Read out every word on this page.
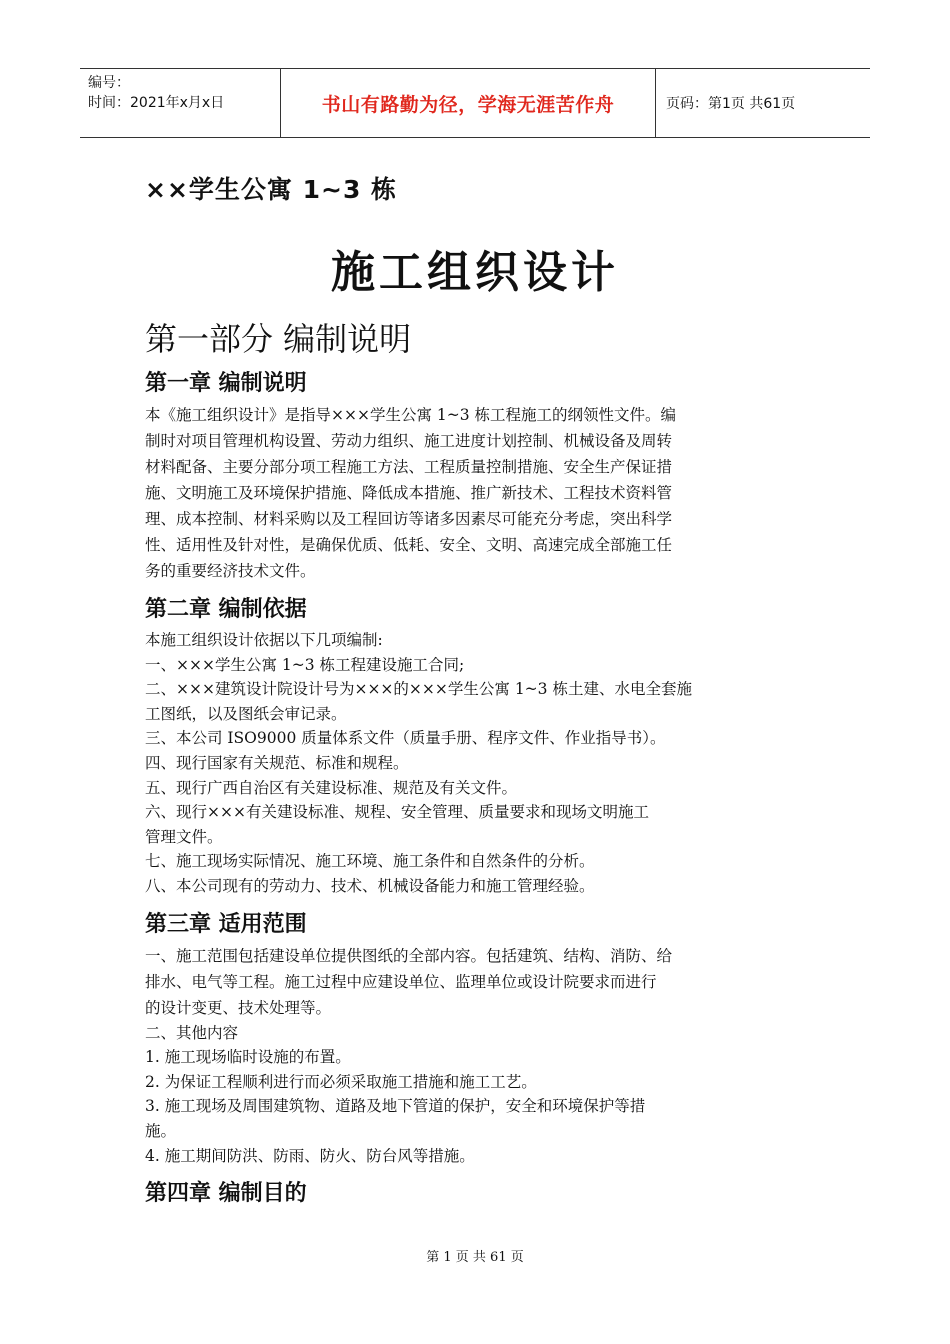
编号：
时间：2021年x月x日	书山有路勤为径，学海无涯苦作舟	页码：第1页 共61页
××学生公寓 1~3 栋
施工组织设计
第一部分 编制说明
第一章 编制说明

本《施工组织设计》是指导×××学生公寓 1~3 栋工程施工的纲领性文件。编

制时对项目管理机构设置、劳动力组织、施工进度计划控制、机械设备及周转

材料配备、主要分部分项工程施工方法、工程质量控制措施、安全生产保证措

施、文明施工及环境保护措施、降低成本措施、推广新技术、工程技术资料管

理、成本控制、材料采购以及工程回访等诸多因素尽可能充分考虑，突出科学

性、适用性及针对性，是确保优质、低耗、安全、文明、高速完成全部施工任

务的重要经济技术文件。

第二章 编制依据

本施工组织设计依据以下几项编制:

一、×××学生公寓 1~3 栋工程建设施工合同;

二、×××建筑设计院设计号为×××的×××学生公寓 1~3 栋土建、水电全套施

工图纸，以及图纸会审记录。

三、本公司 ISO9000 质量体系文件（质量手册、程序文件、作业指导书）。

四、现行国家有关规范、标准和规程。

五、现行广西自治区有关建设标准、规范及有关文件。

六、现行×××有关建设标准、规程、安全管理、质量要求和现场文明施工

管理文件。

七、施工现场实际情况、施工环境、施工条件和自然条件的分析。

八、本公司现有的劳动力、技术、机械设备能力和施工管理经验。

第三章 适用范围

一、施工范围包括建设单位提供图纸的全部内容。包括建筑、结构、消防、给

排水、电气等工程。施工过程中应建设单位、监理单位或设计院要求而进行

的设计变更、技术处理等。

二、其他内容

1. 施工现场临时设施的布置。

2. 为保证工程顺利进行而必须采取施工措施和施工工艺。

3. 施工现场及周围建筑物、道路及地下管道的保护，安全和环境保护等措

施。

4. 施工期间防洪、防雨、防火、防台风等措施。

第四章 编制目的
第 1 页 共 61 页
